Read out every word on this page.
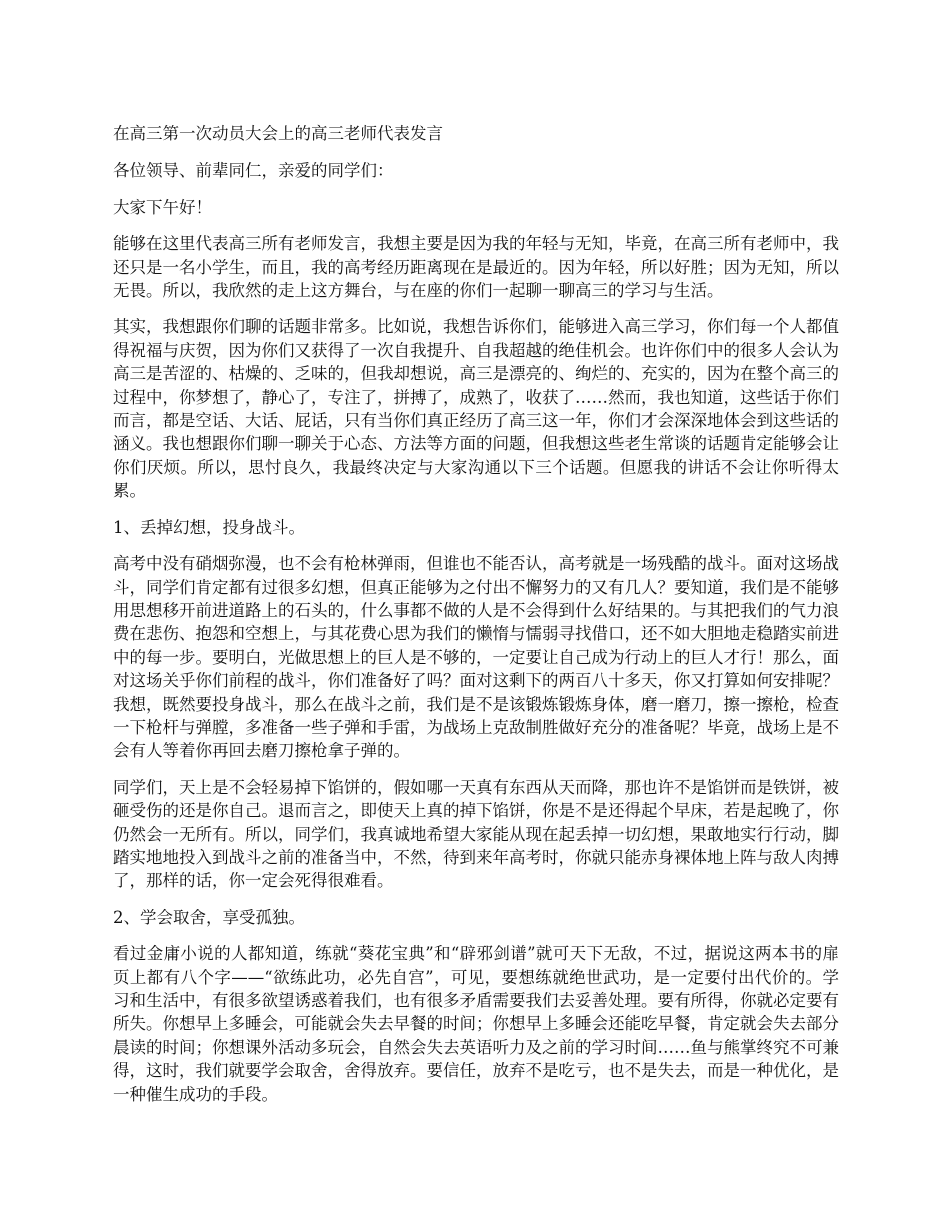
在高三第一次动员大会上的高三老师代表发言

各位领导、前辈同仁，亲爱的同学们：

大家下午好！

能够在这里代表高三所有老师发言，我想主要是因为我的年轻与无知，毕竟，在高三所有老师中，我还只是一名小学生，而且，我的高考经历距离现在是最近的。因为年轻，所以好胜；因为无知，所以无畏。所以，我欣然的走上这方舞台，与在座的你们一起聊一聊高三的学习与生活。

其实，我想跟你们聊的话题非常多。比如说，我想告诉你们，能够进入高三学习，你们每一个人都值得祝福与庆贺，因为你们又获得了一次自我提升、自我超越的绝佳机会。也许你们中的很多人会认为高三是苦涩的、枯燥的、乏味的，但我却想说，高三是漂亮的、绚烂的、充实的，因为在整个高三的过程中，你梦想了，静心了，专注了，拼搏了，成熟了，收获了……然而，我也知道，这些话于你们而言，都是空话、大话、屁话，只有当你们真正经历了高三这一年，你们才会深深地体会到这些话的涵义。我也想跟你们聊一聊关于心态、方法等方面的问题，但我想这些老生常谈的话题肯定能够会让你们厌烦。所以，思忖良久，我最终决定与大家沟通以下三个话题。但愿我的讲话不会让你听得太累。

1、丢掉幻想，投身战斗。

高考中没有硝烟弥漫，也不会有枪林弹雨，但谁也不能否认，高考就是一场残酷的战斗。面对这场战斗，同学们肯定都有过很多幻想，但真正能够为之付出不懈努力的又有几人？要知道，我们是不能够用思想移开前进道路上的石头的，什么事都不做的人是不会得到什么好结果的。与其把我们的气力浪费在悲伤、抱怨和空想上，与其花费心思为我们的懒惰与懦弱寻找借口，还不如大胆地走稳踏实前进中的每一步。要明白，光做思想上的巨人是不够的，一定要让自己成为行动上的巨人才行！那么，面对这场关乎你们前程的战斗，你们准备好了吗？面对这剩下的两百八十多天，你又打算如何安排呢？我想，既然要投身战斗，那么在战斗之前，我们是不是该锻炼锻炼身体，磨一磨刀，擦一擦枪，检查一下枪杆与弹膛，多准备一些子弹和手雷，为战场上克敌制胜做好充分的准备呢？毕竟，战场上是不会有人等着你再回去磨刀擦枪拿子弹的。

同学们，天上是不会轻易掉下馅饼的，假如哪一天真有东西从天而降，那也许不是馅饼而是铁饼，被砸受伤的还是你自己。退而言之，即使天上真的掉下馅饼，你是不是还得起个早床，若是起晚了，你仍然会一无所有。所以，同学们，我真诚地希望大家能从现在起丢掉一切幻想，果敢地实行行动，脚踏实地地投入到战斗之前的准备当中，不然，待到来年高考时，你就只能赤身裸体地上阵与敌人肉搏了，那样的话，你一定会死得很难看。

2、学会取舍，享受孤独。

看过金庸小说的人都知道，练就“葵花宝典”和“辟邪剑谱”就可天下无敌，不过，据说这两本书的扉页上都有八个字——“欲练此功，必先自宫”，可见，要想练就绝世武功，是一定要付出代价的。学习和生活中，有很多欲望诱惑着我们，也有很多矛盾需要我们去妥善处理。要有所得，你就必定要有所失。你想早上多睡会，可能就会失去早餐的时间；你想早上多睡会还能吃早餐，肯定就会失去部分晨读的时间；你想课外活动多玩会，自然会失去英语听力及之前的学习时间……鱼与熊掌终究不可兼得，这时，我们就要学会取舍，舍得放弃。要信任，放弃不是吃亏，也不是失去，而是一种优化，是一种催生成功的手段。
